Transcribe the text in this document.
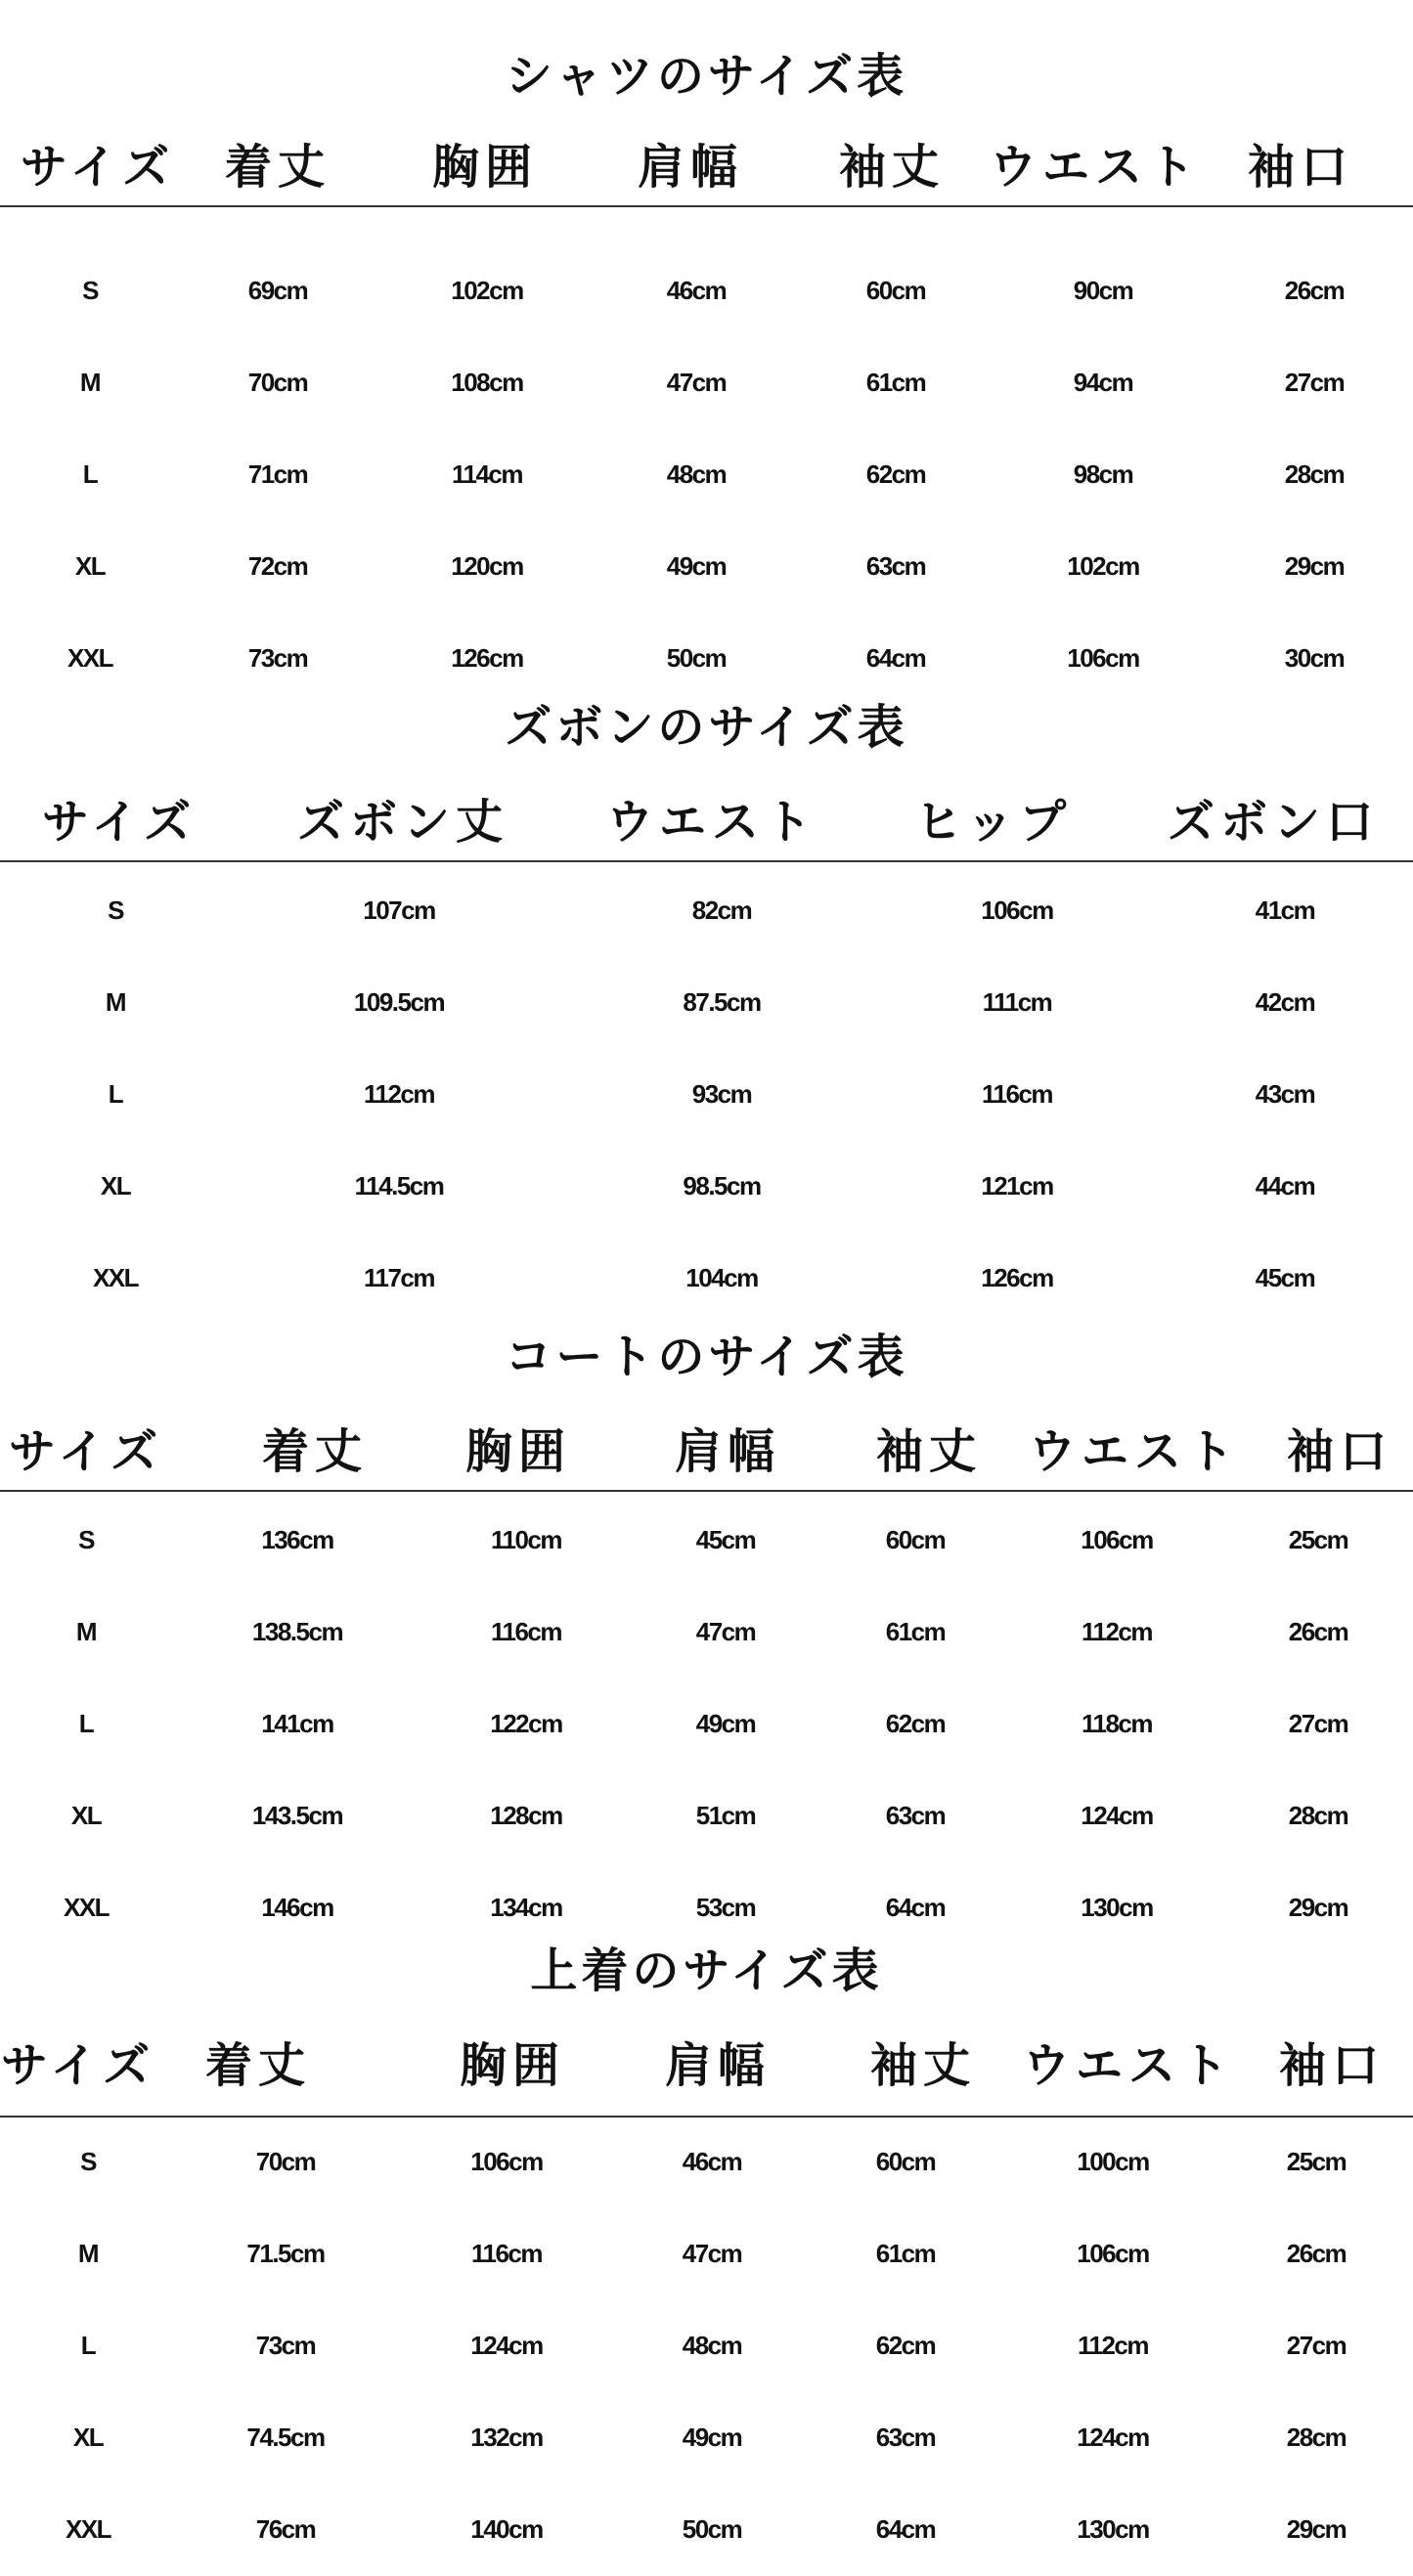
シャツのサイズ表
サイズ 着丈 胸囲 肩幅 袖丈 ウエスト 袖口
S	69cm	102cm	46cm	60cm	90cm	26cm
M	70cm	108cm	47cm	61cm	94cm	27cm
L	71cm	114cm	48cm	62cm	98cm	28cm
XL	72cm	120cm	49cm	63cm	102cm	29cm
XXL	73cm	126cm	50cm	64cm	106cm	30cm
ズボンのサイズ表
サイズ ズボン丈 ウエスト ヒップ ズボン口
S	107cm	82cm	106cm	41cm
M	109.5cm	87.5cm	111cm	42cm
L	112cm	93cm	116cm	43cm
XL	114.5cm	98.5cm	121cm	44cm
XXL	117cm	104cm	126cm	45cm
コートのサイズ表
サイズ 着丈 胸囲 肩幅 袖丈 ウエスト 袖口
S	136cm	110cm	45cm	60cm	106cm	25cm
M	138.5cm	116cm	47cm	61cm	112cm	26cm
L	141cm	122cm	49cm	62cm	118cm	27cm
XL	143.5cm	128cm	51cm	63cm	124cm	28cm
XXL	146cm	134cm	53cm	64cm	130cm	29cm
上着のサイズ表
サイズ 着丈	胸囲 肩幅 袖丈 ウエスト 袖口
S	70cm	106cm	46cm	60cm	100cm	25cm
M	71.5cm	116cm	47cm	61cm	106cm	26cm
L	73cm	124cm	48cm	62cm	112cm	27cm
XL	74.5cm	132cm	49cm	63cm	124cm	28cm
XXL	76cm	140cm	50cm	64cm	130cm	29cm
